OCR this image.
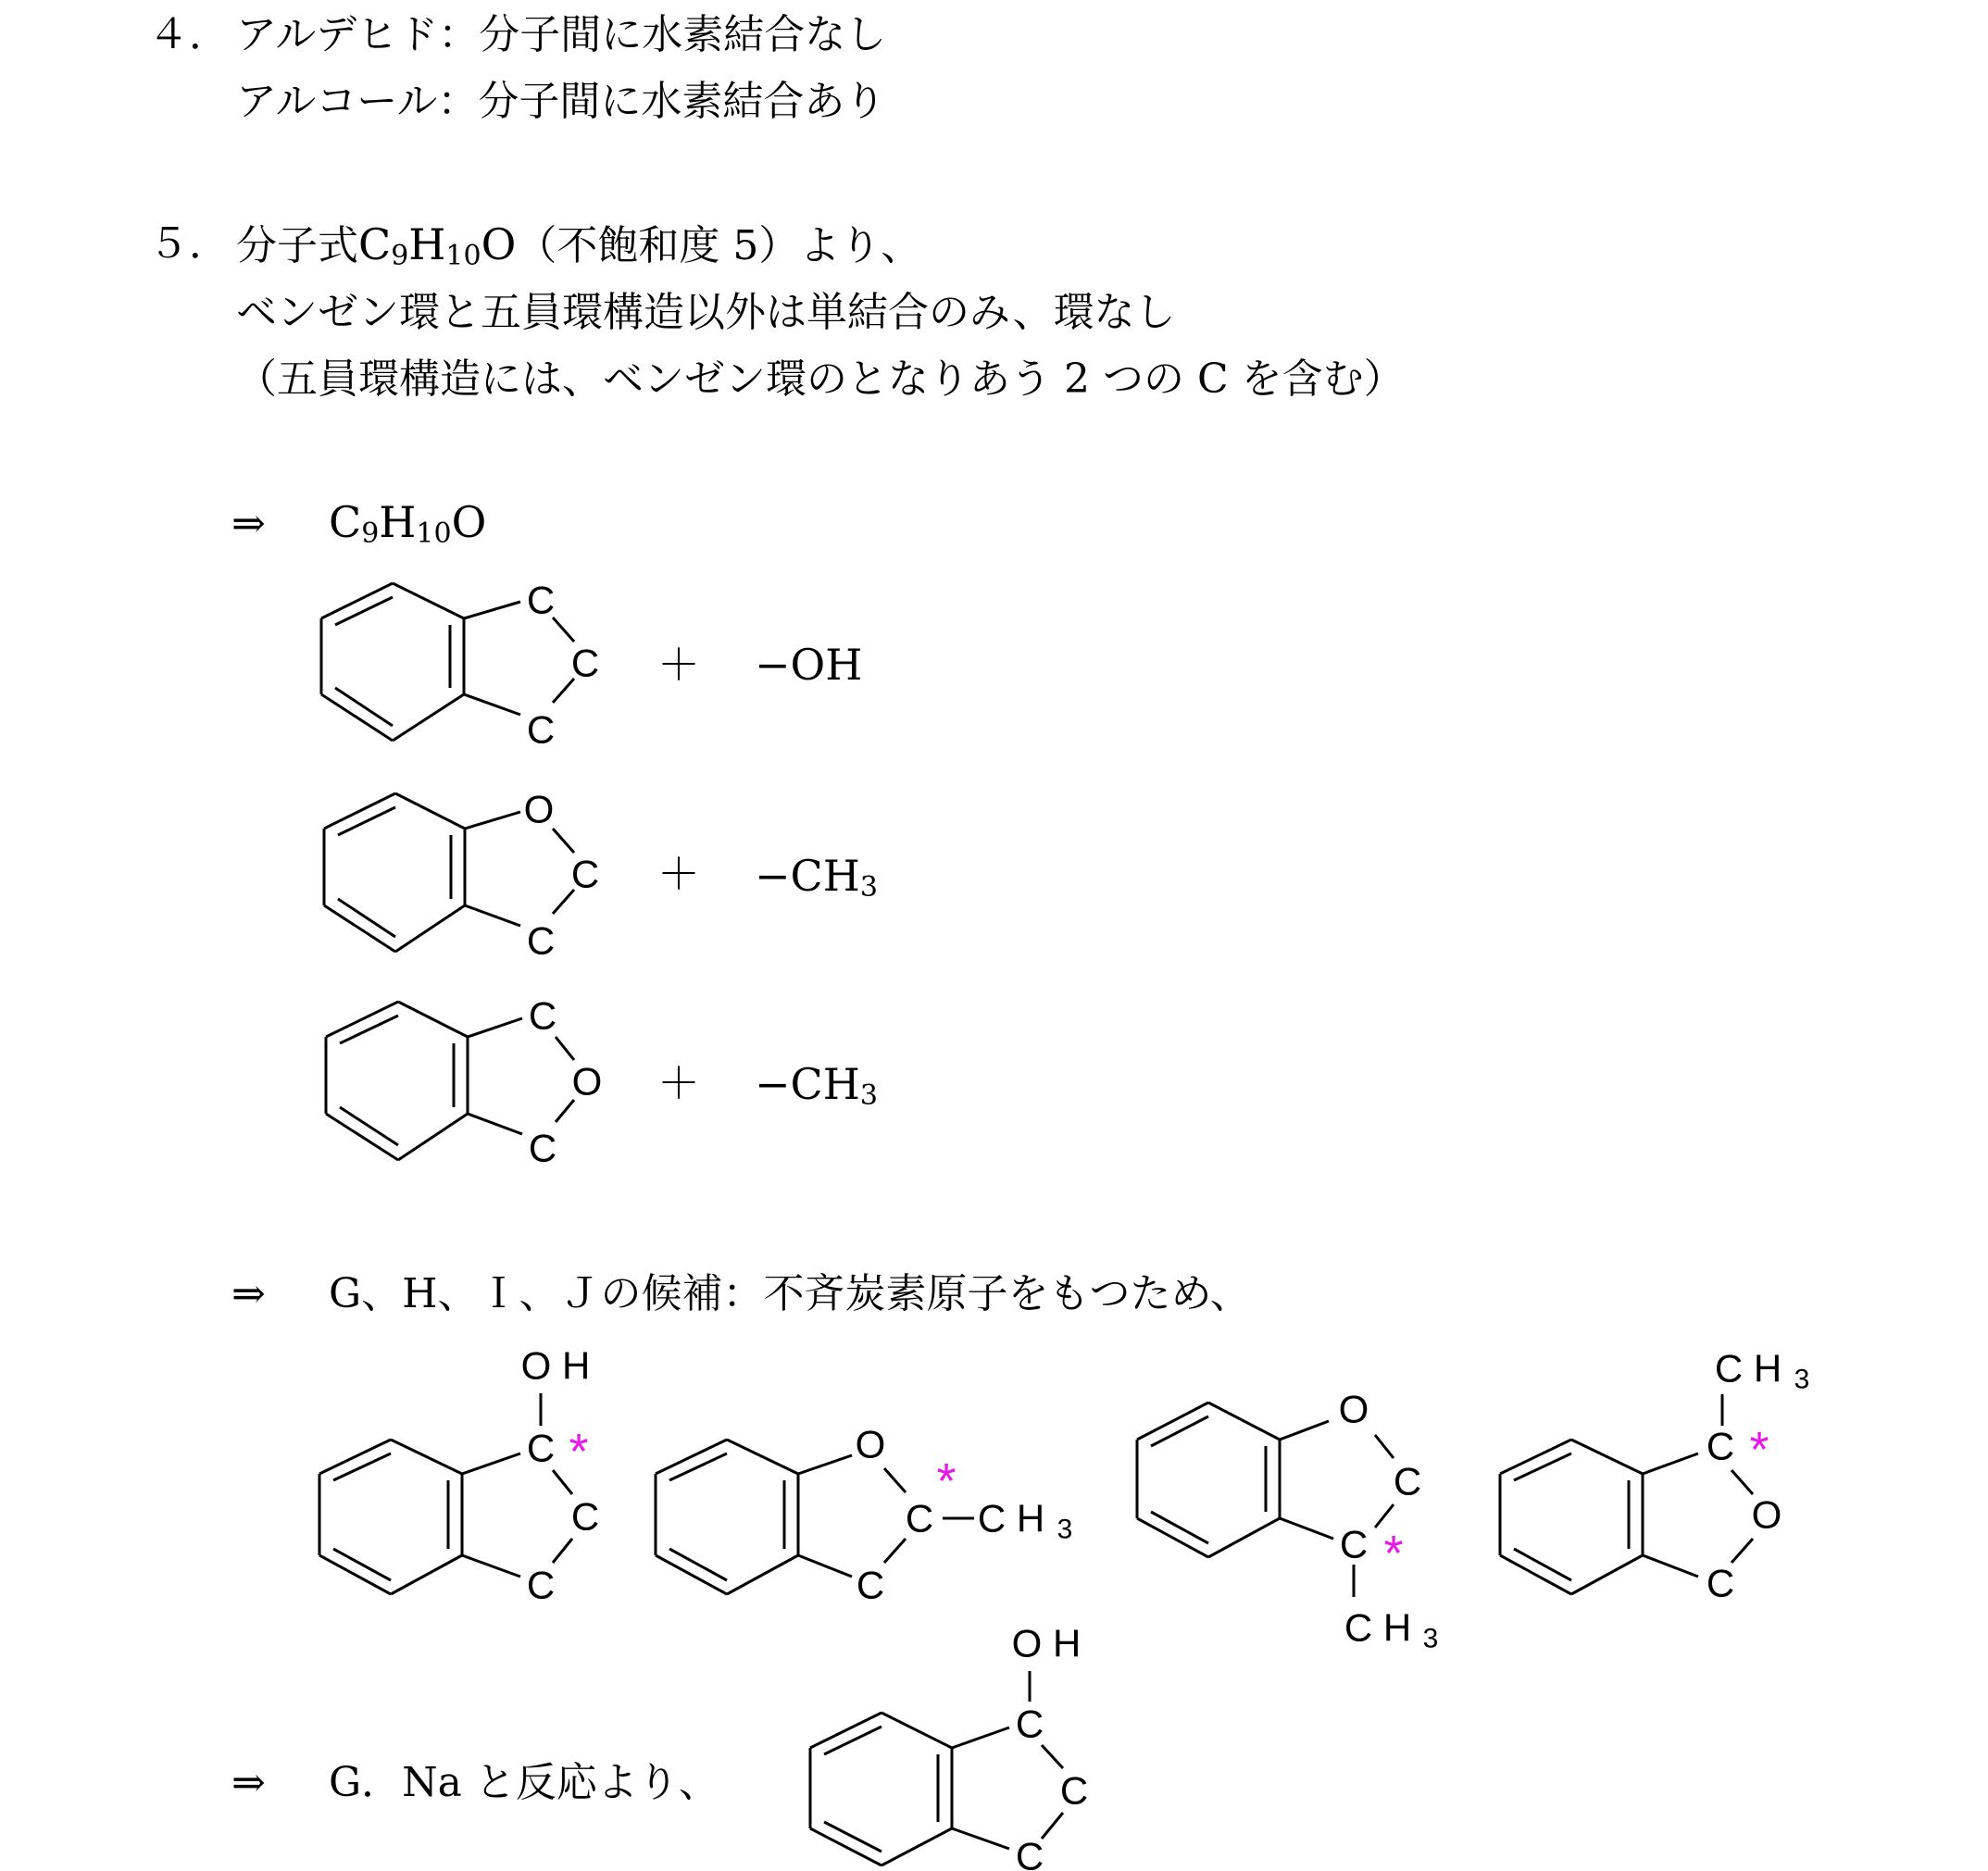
４． アルデヒド：分子間に水素結合なし
アルコール：分子間に水素結合あり
５． 分子式$C_9H_{10}O$（不飽和度 5）より、
ベンゼン環と五員環構造以外は単結合のみ、環なし
（五員環構造には、ベンゼン環のとなりあう 2 つの C を含む）
⇒ $C_9H_{10}O$
C
C
C
＋ −OH
O
C
C
＋ $-CH_3$
C
O
C
＋ $-CH_3$
⇒ G、H、Ｉ、Ｊの候補：不斉炭素原子をもつため、
O H
C *
C
C
O
*
C C H 3
C
O
C
C *
C H 3
C H 3
C *
O
C
O H
C
C
C
⇒ G．Na と反応より、
